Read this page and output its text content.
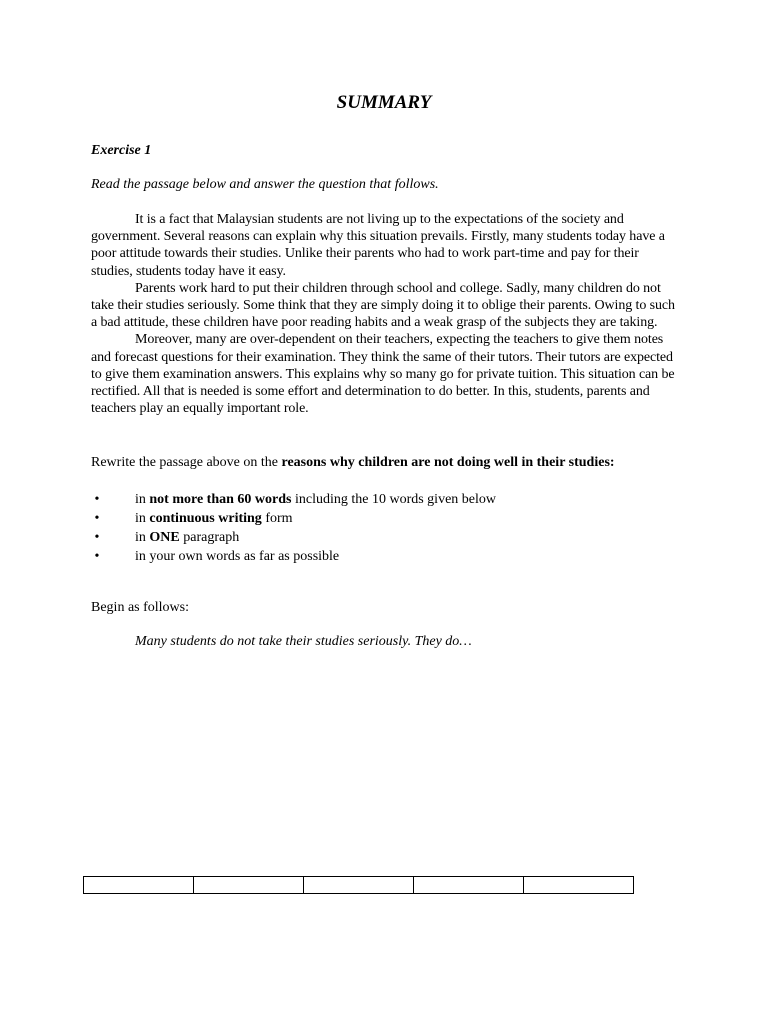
SUMMARY
Exercise 1
Read the passage below and answer the question that follows.

It is a fact that Malaysian students are not living up to the expectations of the society and government. Several reasons can explain why this situation prevails. Firstly, many students today have a poor attitude towards their studies. Unlike their parents who had to work part-time and pay for their studies, students today have it easy.

Parents work hard to put their children through school and college. Sadly, many children do not take their studies seriously. Some think that they are simply doing it to oblige their parents. Owing to such a bad attitude, these children have poor reading habits and a weak grasp of the subjects they are taking.

Moreover, many are over-dependent on their teachers, expecting the teachers to give them notes and forecast questions for their examination. They think the same of their tutors. Their tutors are expected to give them examination answers. This explains why so many go for private tuition. This situation can be rectified. All that is needed is some effort and determination to do better. In this, students, parents and teachers play an equally important role.

Rewrite the passage above on the reasons why children are not doing well in their studies:
•	in not more than 60 words including the 10 words given below
•	in continuous writing form
•	in ONE paragraph
•	in your own words as far as possible
Begin as follows:
Many students do not take their studies seriously. They do…
